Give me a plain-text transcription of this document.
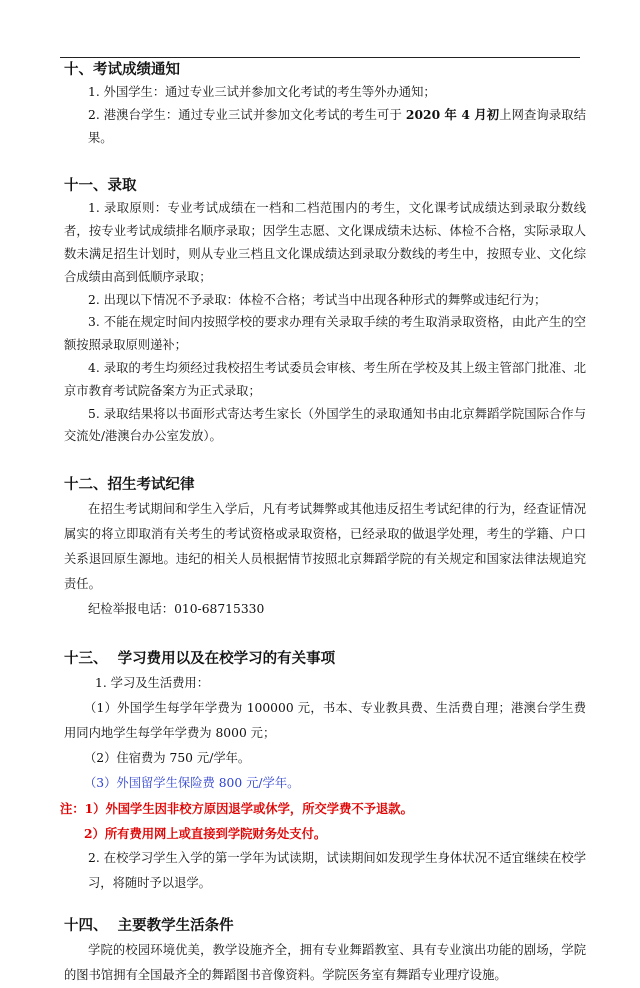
十、考试成绩通知

1. 外国学生：通过专业三试并参加文化考试的考生等外办通知；

2. 港澳台学生：通过专业三试并参加文化考试的考生可于 2020 年 4 月初上网查询录取结果。

十一、录取

1. 录取原则：专业考试成绩在一档和二档范围内的考生，文化课考试成绩达到录取分数线者，按专业考试成绩排名顺序录取；因学生志愿、文化课成绩未达标、体检不合格，实际录取人数未满足招生计划时，则从专业三档且文化课成绩达到录取分数线的考生中，按照专业、文化综合成绩由高到低顺序录取；

2. 出现以下情况不予录取：体检不合格；考试当中出现各种形式的舞弊或违纪行为；

3. 不能在规定时间内按照学校的要求办理有关录取手续的考生取消录取资格，由此产生的空额按照录取原则递补；

4. 录取的考生均须经过我校招生考试委员会审核、考生所在学校及其上级主管部门批准、北京市教育考试院备案方为正式录取；

5. 录取结果将以书面形式寄达考生家长（外国学生的录取通知书由北京舞蹈学院国际合作与交流处/港澳台办公室发放）。

十二、招生考试纪律

在招生考试期间和学生入学后，凡有考试舞弊或其他违反招生考试纪律的行为，经查证情况属实的将立即取消有关考生的考试资格或录取资格，已经录取的做退学处理，考生的学籍、户口关系退回原生源地。违纪的相关人员根据情节按照北京舞蹈学院的有关规定和国家法律法规追究责任。

纪检举报电话：010-68715330

十三、  学习费用以及在校学习的有关事项

1. 学习及生活费用：

（1）外国学生每学年学费为 100000 元，书本、专业教具费、生活费自理；港澳台学生费用同内地学生每学年学费为 8000 元；

（2）住宿费为 750 元/学年。

（3）外国留学生保险费 800 元/学年。

注：1）外国学生因非校方原因退学或休学，所交学费不予退款。

2）所有费用网上或直接到学院财务处支付。

2. 在校学习学生入学的第一学年为试读期，试读期间如发现学生身体状况不适宜继续在校学习，将随时予以退学。

十四、  主要教学生活条件

学院的校园环境优美，教学设施齐全，拥有专业舞蹈教室、具有专业演出功能的剧场，学院的图书馆拥有全国最齐全的舞蹈图书音像资料。学院医务室有舞蹈专业理疗设施。
